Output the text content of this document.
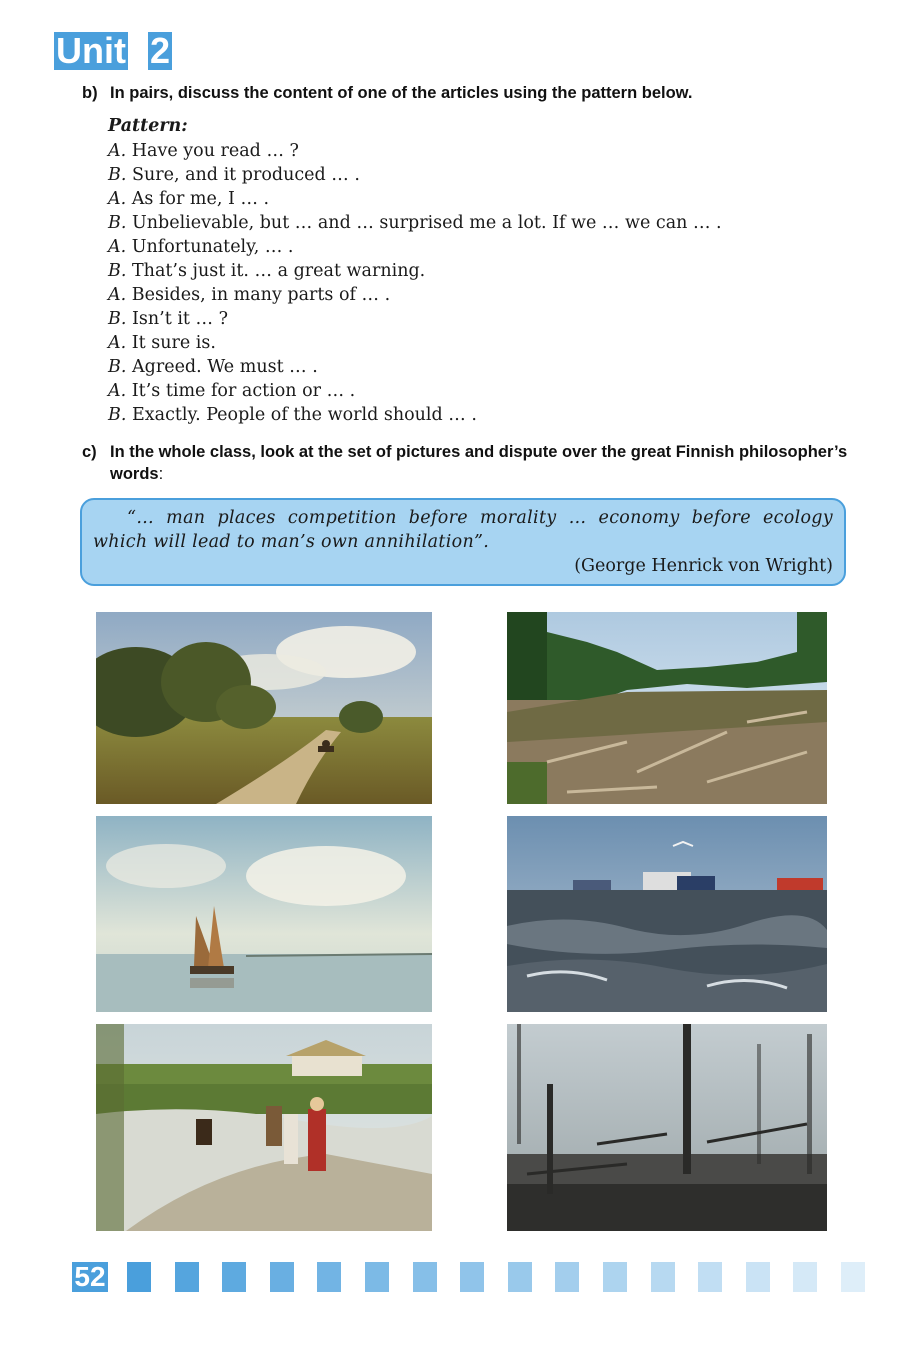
Unit 2
b) In pairs, discuss the content of one of the articles using the pattern below.
Pattern:
A. Have you read … ?
B. Sure, and it produced … .
A. As for me, I … .
B. Unbelievable, but … and … surprised me a lot. If we … we can … .
A. Unfortunately, … .
B. That’s just it. … a great warning.
A. Besides, in many parts of … .
B. Isn’t it … ?
A. It sure is.
B. Agreed. We must … .
A. It’s time for action or … .
B. Exactly. People of the world should … .
c) In the whole class, look at the set of pictures and dispute over the great Finnish philosopher’s words:
“… man places competition before morality … economy before ecology which will lead to man’s own annihilation”.
(George Henrick von Wright)
52
